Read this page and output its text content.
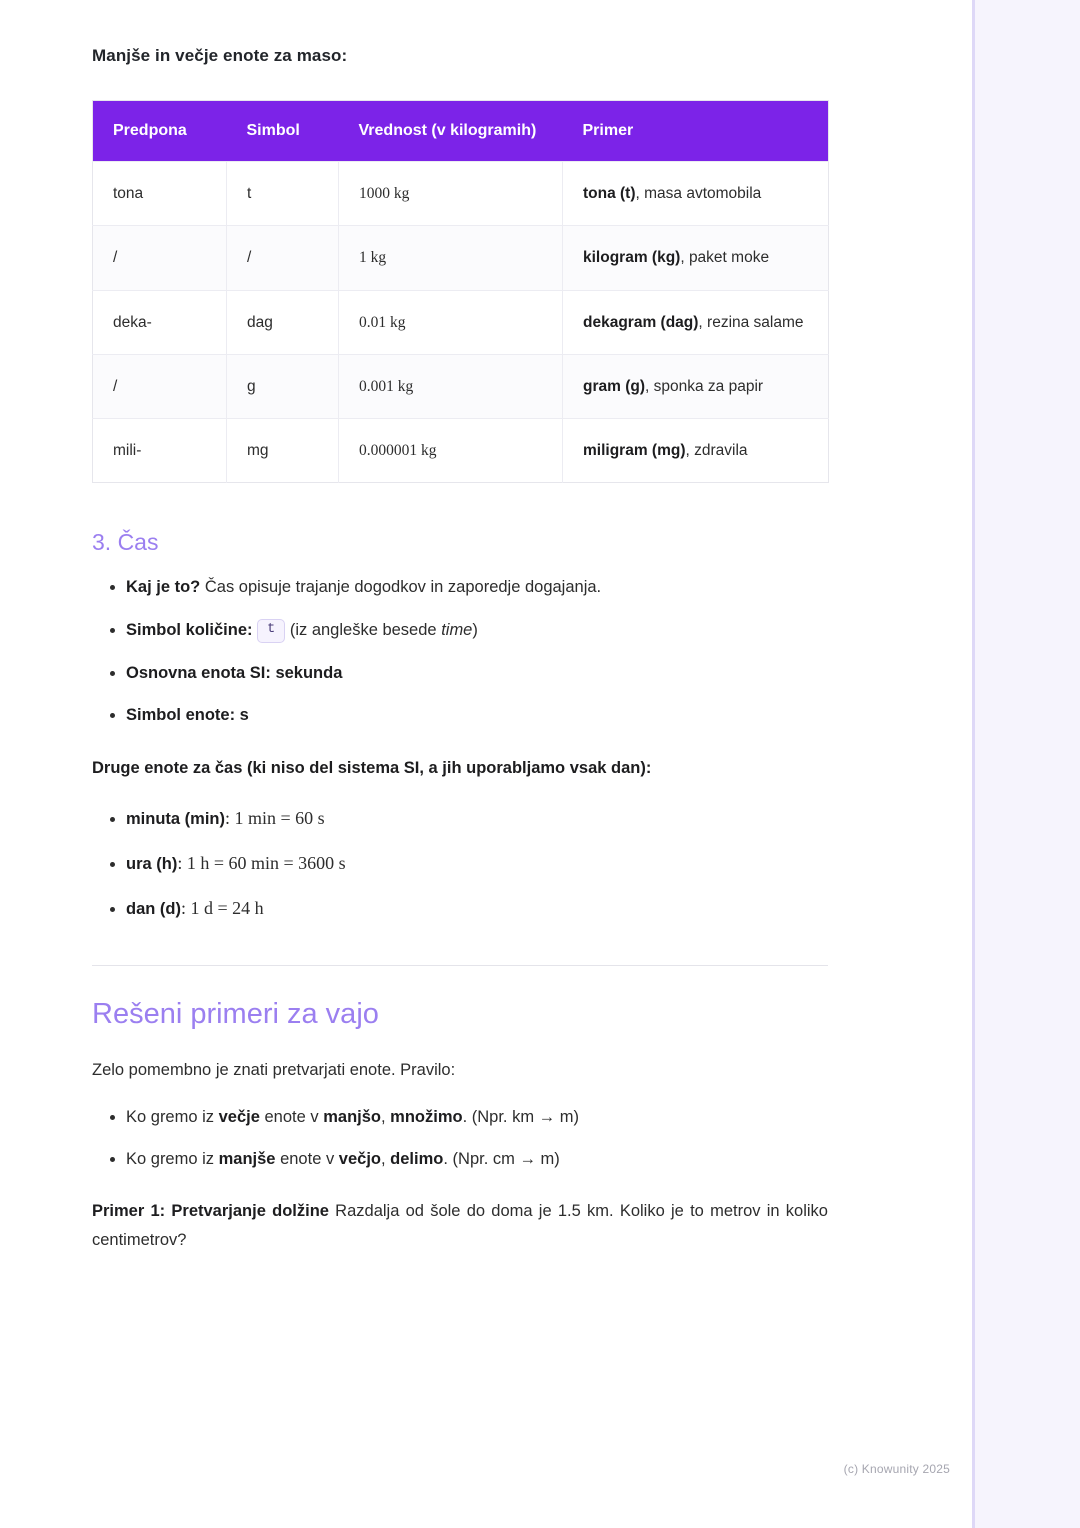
Manjše in večje enote za maso:

Predpona	Simbol	Vrednost (v kilogramih)	Primer
tona	t	1000 kg	tona (t), masa avtomobila
/	/	1 kg	kilogram (kg), paket moke
deka-	dag	0.01 kg	dekagram (dag), rezina salame
/	g	0.001 kg	gram (g), sponka za papir
mili-	mg	0.000001 kg	miligram (mg), zdravila
3. Čas
• Kaj je to? Čas opisuje trajanje dogodkov in zaporedje dogajanja.
• Simbol količine: t (iz angleške besede time)
• Osnovna enota SI: sekunda
• Simbol enote: s

Druge enote za čas (ki niso del sistema SI, a jih uporabljamo vsak dan):

• minuta (min): 1 min = 60 s
• ura (h): 1 h = 60 min = 3600 s
• dan (d): 1 d = 24 h
Rešeni primeri za vajo

Zelo pomembno je znati pretvarjati enote. Pravilo:

• Ko gremo iz večje enote v manjšo, množimo. (Npr. km → m)
• Ko gremo iz manjše enote v večjo, delimo. (Npr. cm → m)

Primer 1: Pretvarjanje dolžine Razdalja od šole do doma je 1.5 km. Koliko je to metrov in koliko centimetrov?

(c) Knowunity 2025
